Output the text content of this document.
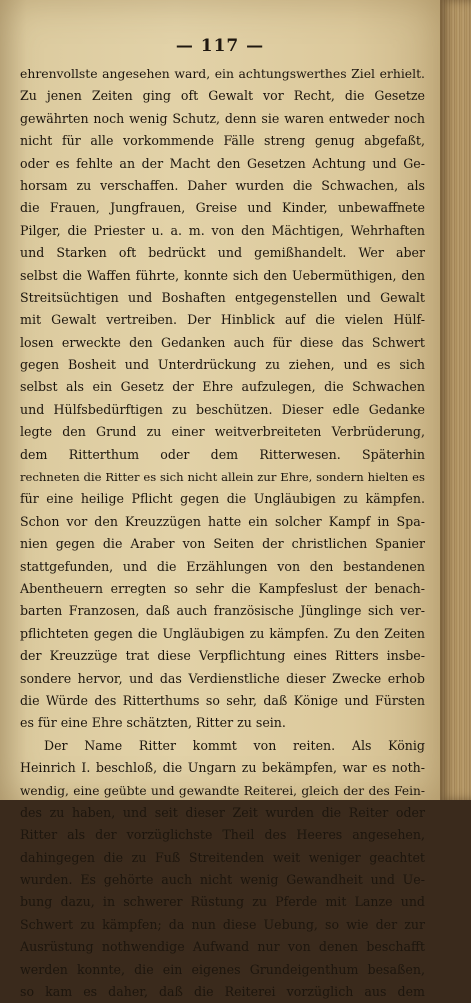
— 117 —
ehrenvollste angesehen ward, ein achtungswerthes Ziel erhielt.
Zu jenen Zeiten ging oft Gewalt vor Recht, die Gesetze
gewährten noch wenig Schutz, denn sie waren entweder noch
nicht für alle vorkommende Fälle streng genug abgefaßt,
oder es fehlte an der Macht den Gesetzen Achtung und Ge-
horsam zu verschaffen. Daher wurden die Schwachen, als
die Frauen, Jungfrauen, Greise und Kinder, unbewaffnete
Pilger, die Priester u. a. m. von den Mächtigen, Wehrhaften
und Starken oft bedrückt und gemißhandelt. Wer aber
selbst die Waffen führte, konnte sich den Uebermüthigen, den
Streitsüchtigen und Boshaften entgegenstellen und Gewalt
mit Gewalt vertreiben. Der Hinblick auf die vielen Hülf-
losen erweckte den Gedanken auch für diese das Schwert
gegen Bosheit und Unterdrückung zu ziehen, und es sich
selbst als ein Gesetz der Ehre aufzulegen, die Schwachen
und Hülfsbedürftigen zu beschützen. Dieser edle Gedanke
legte den Grund zu einer weitverbreiteten Verbrüderung,
dem Ritterthum oder dem Ritterwesen. Späterhin
rechneten die Ritter es sich nicht allein zur Ehre, sondern hielten es
für eine heilige Pflicht gegen die Ungläubigen zu kämpfen.
Schon vor den Kreuzzügen hatte ein solcher Kampf in Spa-
nien gegen die Araber von Seiten der christlichen Spanier
stattgefunden, und die Erzählungen von den bestandenen
Abentheuern erregten so sehr die Kampfeslust der benach-
barten Franzosen, daß auch französische Jünglinge sich ver-
pflichteten gegen die Ungläubigen zu kämpfen. Zu den Zeiten
der Kreuzzüge trat diese Verpflichtung eines Ritters insbe-
sondere hervor, und das Verdienstliche dieser Zwecke erhob
die Würde des Ritterthums so sehr, daß Könige und Fürsten
es für eine Ehre schätzten, Ritter zu sein.
Der Name Ritter kommt von reiten. Als König
Heinrich I. beschloß, die Ungarn zu bekämpfen, war es noth-
wendig, eine geübte und gewandte Reiterei, gleich der des Fein-
des zu haben, und seit dieser Zeit wurden die Reiter oder
Ritter als der vorzüglichste Theil des Heeres angesehen,
dahingegen die zu Fuß Streitenden weit weniger geachtet
wurden. Es gehörte auch nicht wenig Gewandheit und Ue-
bung dazu, in schwerer Rüstung zu Pferde mit Lanze und
Schwert zu kämpfen; da nun diese Uebung, so wie der zur
Ausrüstung nothwendige Aufwand nur von denen beschafft
werden konnte, die ein eigenes Grundeigenthum besaßen,
so kam es daher, daß die Reiterei vorzüglich aus dem
